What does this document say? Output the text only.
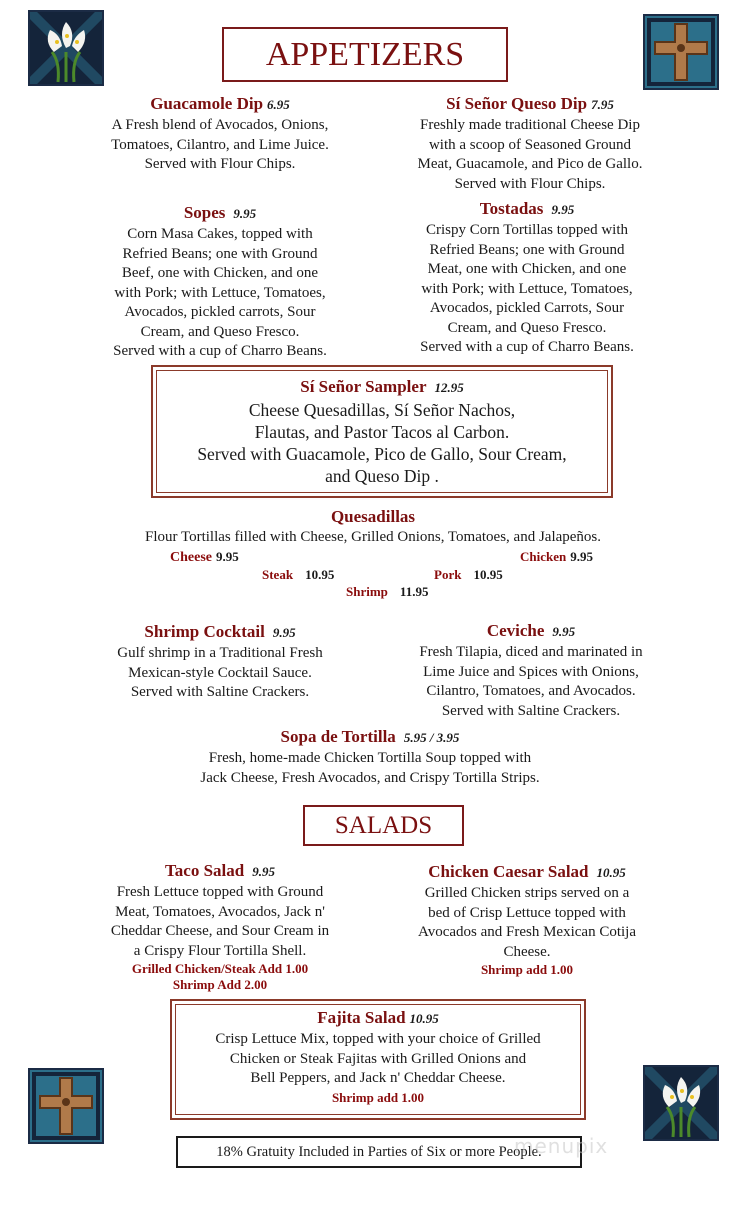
APPETIZERS
Guacamole Dip 6.95
A Fresh blend of Avocados, Onions,
Tomatoes, Cilantro, and Lime Juice.
Served with Flour Chips.
Sí Señor Queso Dip 7.95
Freshly made traditional Cheese Dip
with a scoop of Seasoned Ground
Meat, Guacamole, and Pico de Gallo.
Served with Flour Chips.
Sopes 9.95
Corn Masa Cakes, topped with
Refried Beans; one with Ground
Beef, one with Chicken, and one
with Pork; with Lettuce, Tomatoes,
Avocados, pickled carrots, Sour
Cream, and Queso Fresco.
Served with a cup of Charro Beans.
Tostadas 9.95
Crispy Corn Tortillas topped with
Refried Beans; one with Ground
Meat, one with Chicken, and one
with Pork; with Lettuce, Tomatoes,
Avocados, pickled Carrots, Sour
Cream, and Queso Fresco.
Served with a cup of Charro Beans.
Sí Señor Sampler 12.95
Cheese Quesadillas, Sí Señor Nachos,
Flautas, and Pastor Tacos al Carbon.
Served with Guacamole, Pico de Gallo, Sour Cream,
and Queso Dip .
Quesadillas
Flour Tortillas filled with Cheese, Grilled Onions, Tomatoes, and Jalapeños.
Cheese 9.95	Chicken 9.95
Steak 10.95	Pork 10.95
Shrimp 11.95
Shrimp Cocktail 9.95
Gulf shrimp in a Traditional Fresh
Mexican-style Cocktail Sauce.
Served with Saltine Crackers.
Ceviche 9.95
Fresh Tilapia, diced and marinated in
Lime Juice and Spices with Onions,
Cilantro, Tomatoes, and Avocados.
Served with Saltine Crackers.
Sopa de Tortilla 5.95 / 3.95
Fresh, home-made Chicken Tortilla Soup topped with
Jack Cheese, Fresh Avocados, and Crispy Tortilla Strips.
SALADS
Taco Salad 9.95
Fresh Lettuce topped with Ground
Meat, Tomatoes, Avocados, Jack n'
Cheddar Cheese, and Sour Cream in
a Crispy Flour Tortilla Shell.
Grilled Chicken/Steak Add 1.00
Shrimp Add 2.00
Chicken Caesar Salad 10.95
Grilled Chicken strips served on a
bed of Crisp Lettuce topped with
Avocados and Fresh Mexican Cotija
Cheese.
Shrimp add 1.00
Fajita Salad 10.95
Crisp Lettuce Mix, topped with your choice of Grilled
Chicken or Steak Fajitas with Grilled Onions and
Bell Peppers, and Jack n' Cheddar Cheese.
Shrimp add 1.00
18% Gratuity Included in Parties of Six or more People.
menupix
